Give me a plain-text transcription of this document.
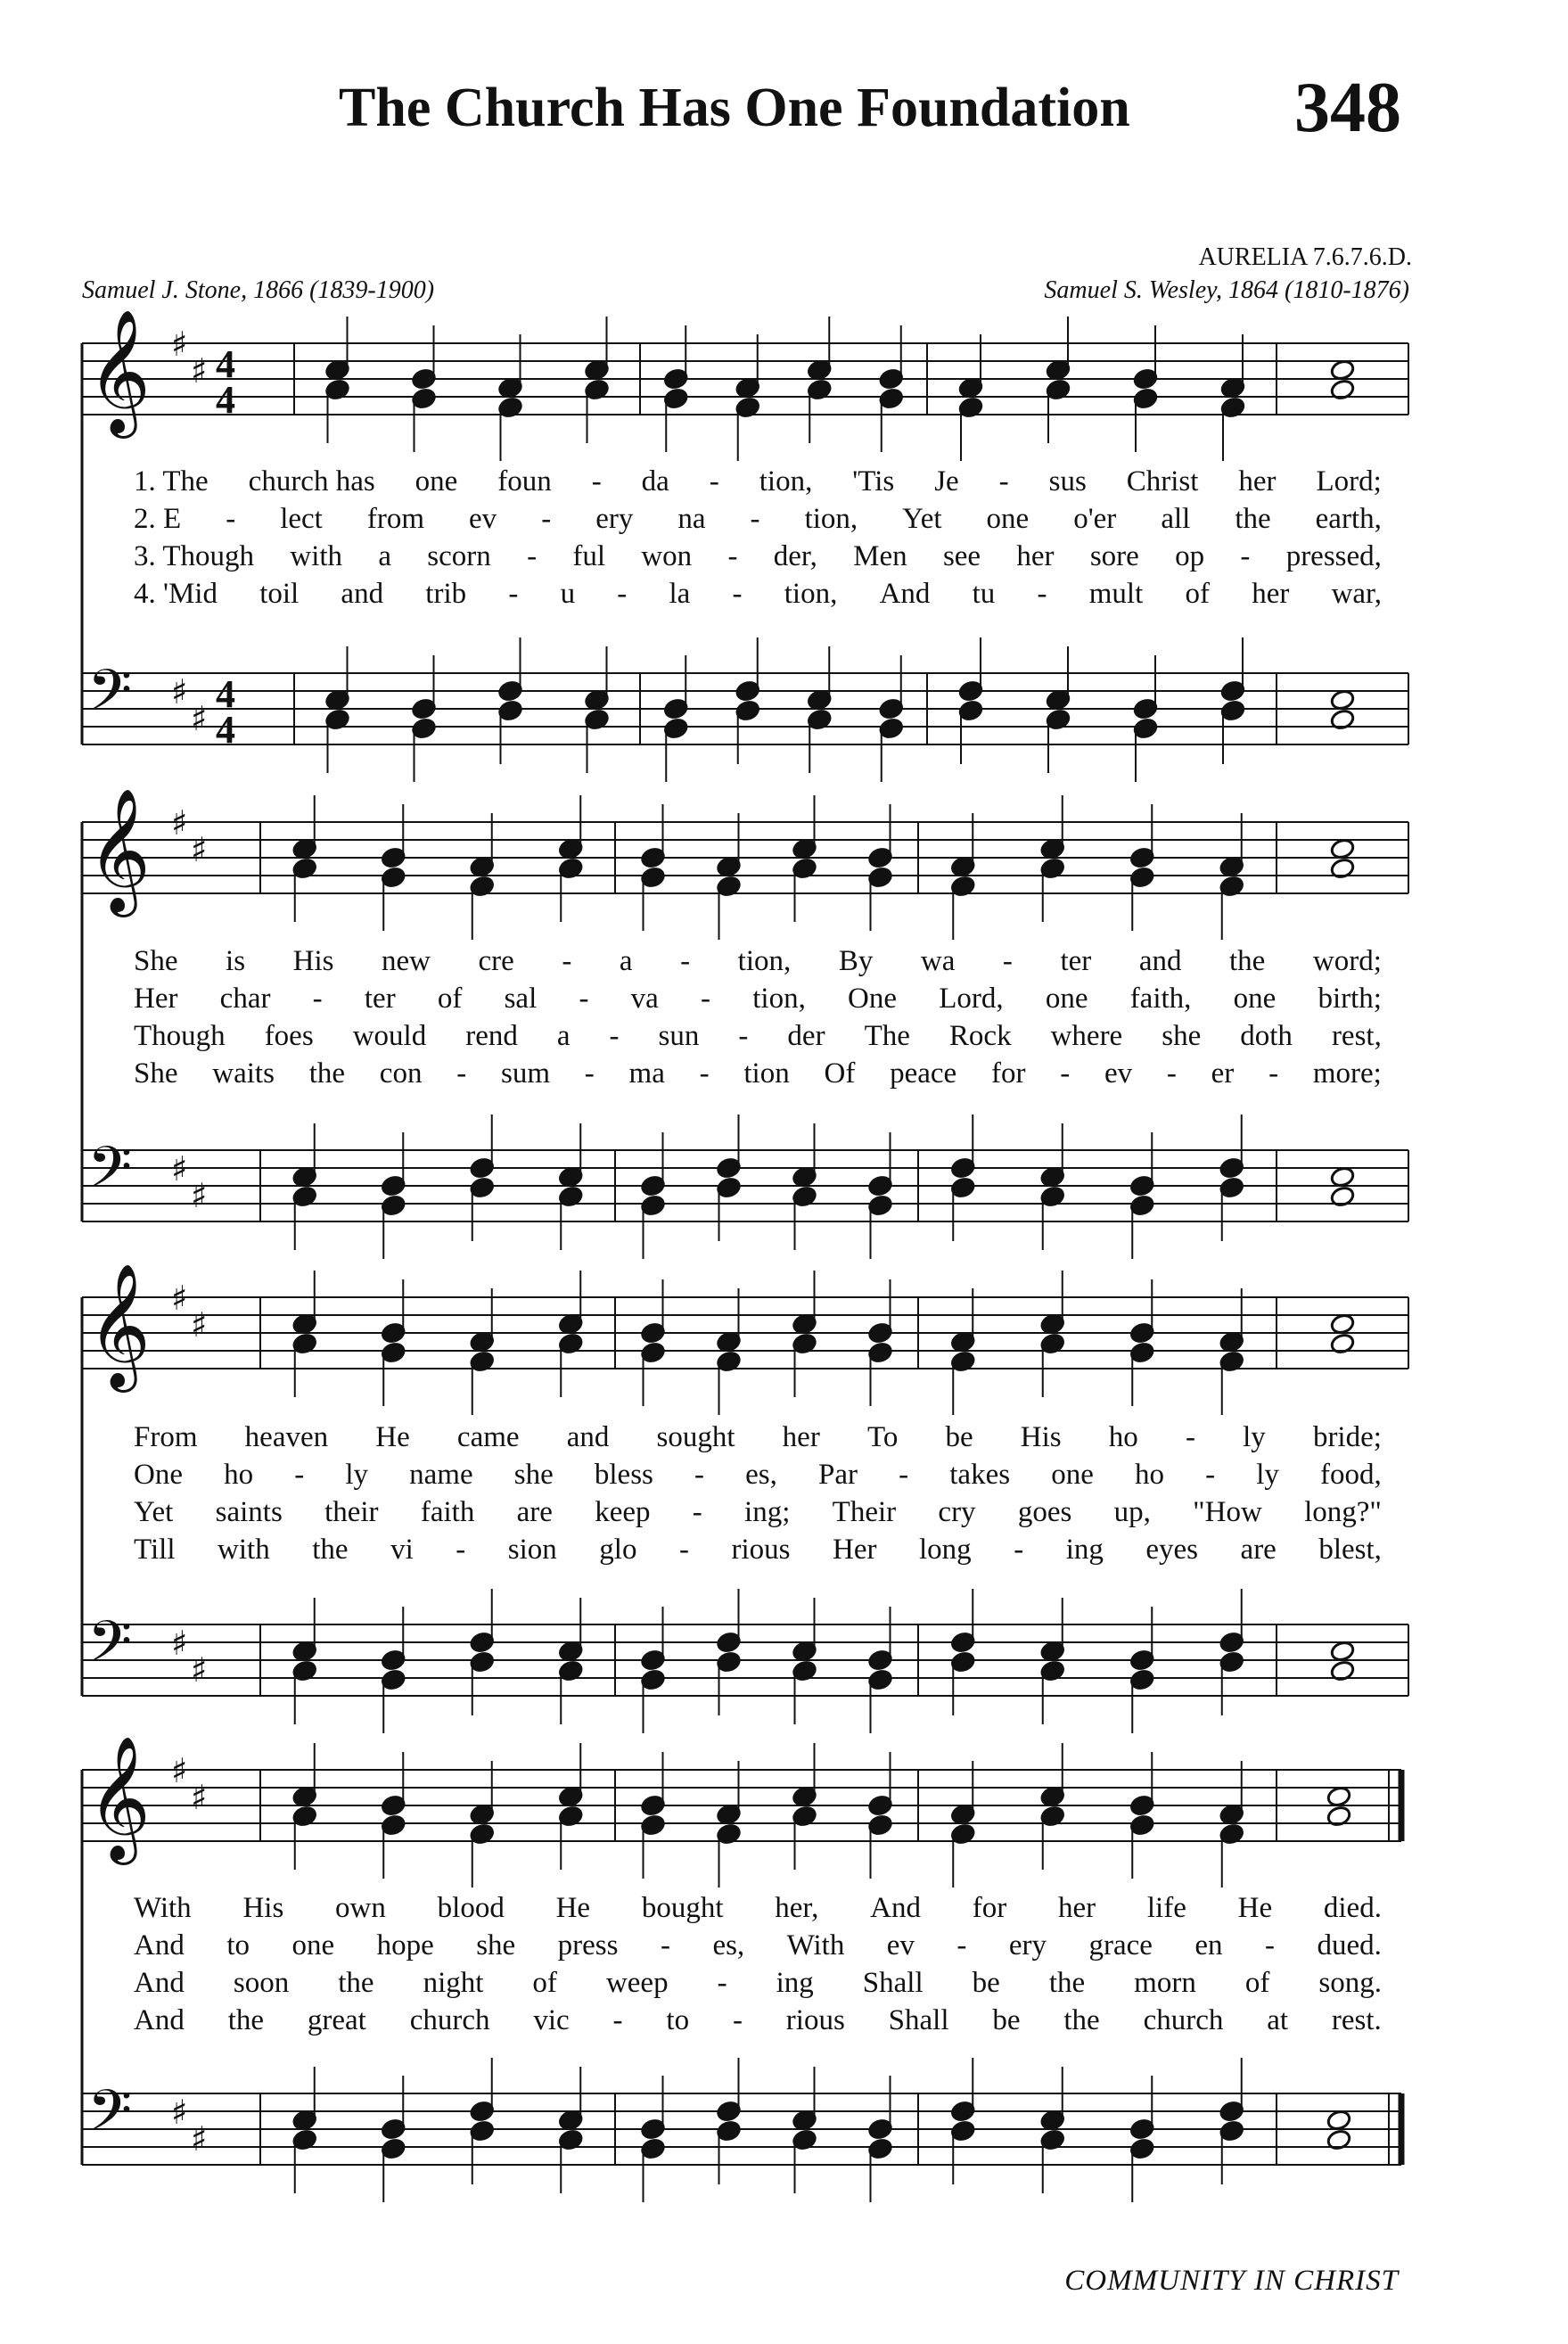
The Church Has One Foundation 348
AURELIA 7.6.7.6.D.
Samuel J. Stone, 1866 (1839-1900)	Samuel S. Wesley, 1864 (1810-1876)
𝄞 ♯
♯ 4
4
𝄢 ♯
♯
4
4
𝄞 ♯
♯
𝄢 ♯
♯
𝄞 ♯
♯
𝄢 ♯
♯
𝄞 ♯
♯
𝄢 ♯
♯
1. The church has one foun - da - tion, 'Tis Je - sus Christ her Lord;
2. E - lect from ev - ery na - tion, Yet one o'er all the earth,
3. Though with a scorn - ful won - der, Men see her sore op - pressed,
4. 'Mid toil and trib - u - la - tion, And tu - mult of her war,
She is His new cre - a - tion, By wa - ter and the word;
Her char - ter of sal - va - tion, One Lord, one faith, one birth;
Though foes would rend a - sun - der The Rock where she doth rest,
She waits the con - sum - ma - tion Of peace for - ev - er - more;
From heaven He came and sought her To be His ho - ly bride;
One ho - ly name she bless - es, Par - takes one ho - ly food,
Yet saints their faith are keep - ing; Their cry goes up, "How long?"
Till with the vi - sion glo - rious Her long - ing eyes are blest,
With His own blood He bought her, And for her life He died.
And to one hope she press - es, With ev - ery grace en - dued.
And soon the night of weep - ing Shall be the morn of song.
And the great church vic - to - rious Shall be the church at rest.
COMMUNITY IN CHRIST
